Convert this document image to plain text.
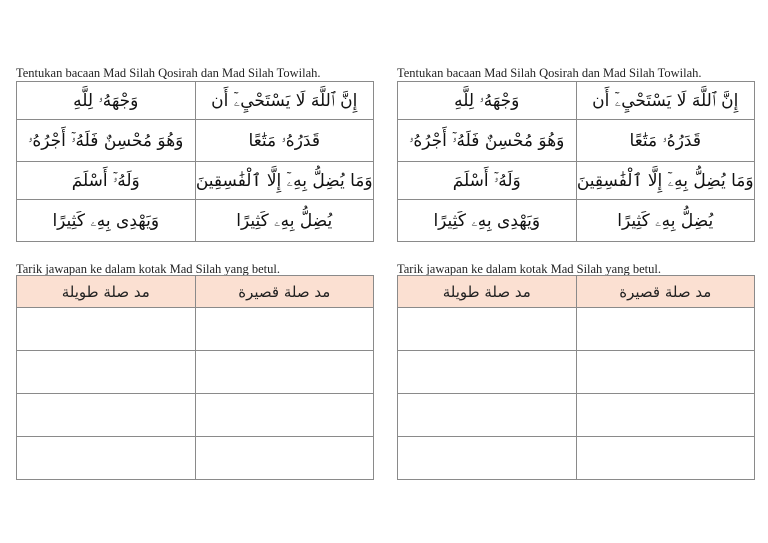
Tentukan bacaan Mad Silah Qosirah dan Mad Silah Towilah.
وَجْهَهُۥ لِلَّهِ	إِنَّ ٱللَّهَ لَا يَسْتَحْيِۦٓ أَن
وَهُوَ مُحْسِنٌ فَلَهُۥٓ أَجْرُهُۥ	قَدَرُهُۥ مَتَٰعًا
وَلَهُۥٓ أَسْلَمَ	وَمَا يُضِلُّ بِهِۦٓ إِلَّا ٱلْفَٰسِقِينَ
وَيَهْدِى بِهِۦ كَثِيرًا	يُضِلُّ بِهِۦ كَثِيرًا
Tarik jawapan ke dalam kotak Mad Silah yang betul.
مد صلة طويلة	مد صلة قصيرة

Tentukan bacaan Mad Silah Qosirah dan Mad Silah Towilah.
وَجْهَهُۥ لِلَّهِ	إِنَّ ٱللَّهَ لَا يَسْتَحْيِۦٓ أَن
وَهُوَ مُحْسِنٌ فَلَهُۥٓ أَجْرُهُۥ	قَدَرُهُۥ مَتَٰعًا
وَلَهُۥٓ أَسْلَمَ	وَمَا يُضِلُّ بِهِۦٓ إِلَّا ٱلْفَٰسِقِينَ
وَيَهْدِى بِهِۦ كَثِيرًا	يُضِلُّ بِهِۦ كَثِيرًا
Tarik jawapan ke dalam kotak Mad Silah yang betul.
مد صلة طويلة	مد صلة قصيرة
